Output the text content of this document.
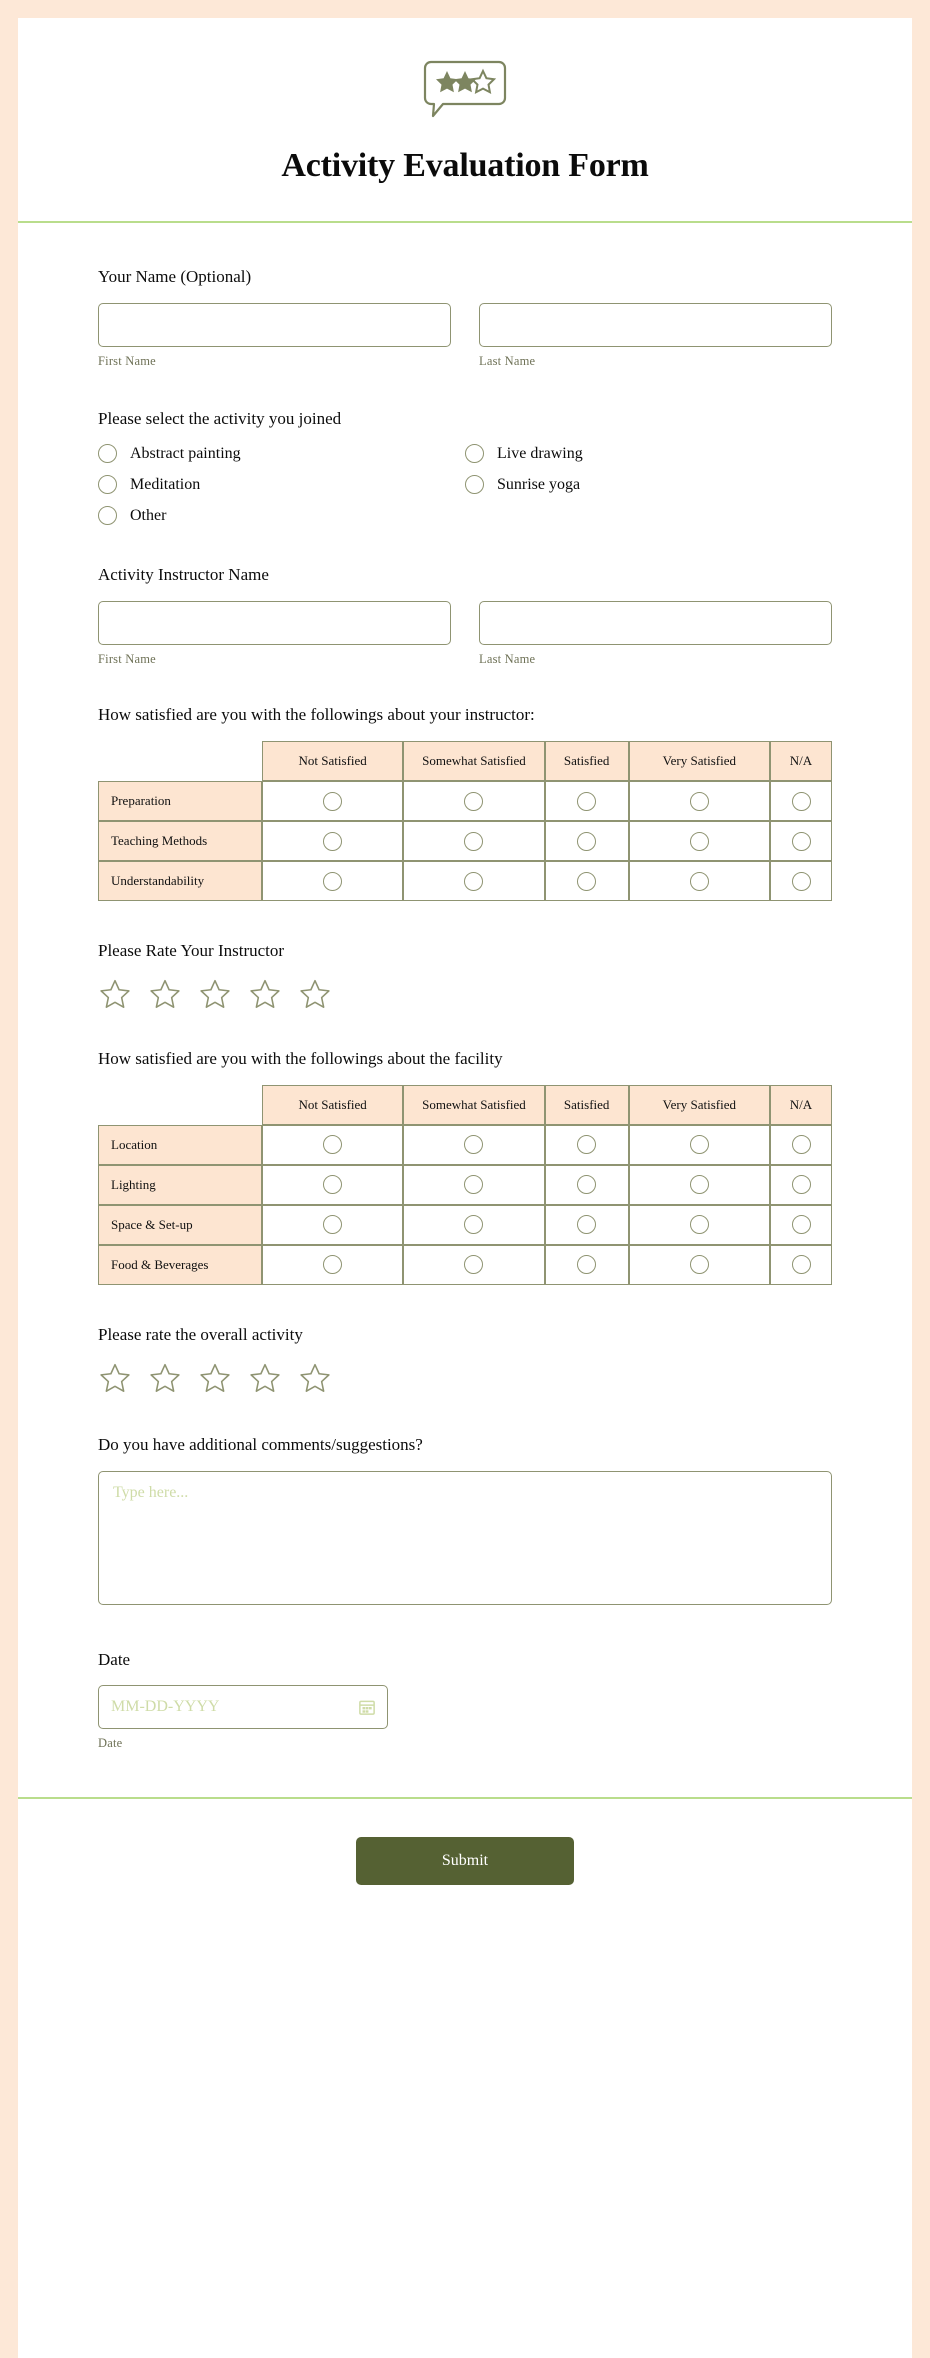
Activity Evaluation Form
Your Name (Optional)
First Name	Last Name
Please select the activity you joined
Abstract painting
Meditation
Other
Live drawing
Sunrise yoga
Activity Instructor Name
First Name	Last Name
How satisfied are you with the followings about your instructor:
	Not Satisfied	Somewhat Satisfied	Satisfied	Very Satisfied	N/A
Preparation					
Teaching Methods					
Understandability					
Please Rate Your Instructor
How satisfied are you with the followings about the facility
	Not Satisfied	Somewhat Satisfied	Satisfied	Very Satisfied	N/A
Location					
Lighting					
Space & Set-up					
Food & Beverages					
Please rate the overall activity
Do you have additional comments/suggestions?
Type here...
Date
MM-DD-YYYY
Date
Submit
